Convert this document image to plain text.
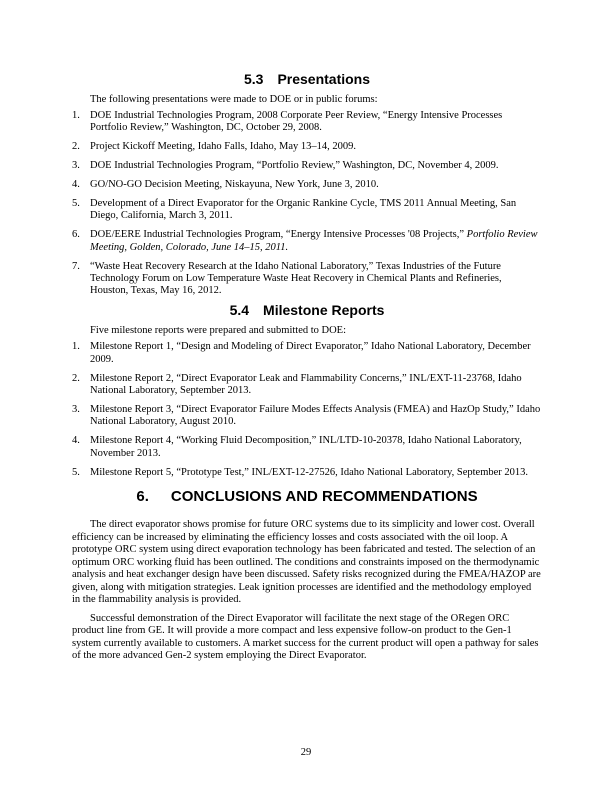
5.3 Presentations

The following presentations were made to DOE or in public forums:

1. DOE Industrial Technologies Program, 2008 Corporate Peer Review, “Energy Intensive Processes Portfolio Review,” Washington, DC, October 29, 2008.
2. Project Kickoff Meeting, Idaho Falls, Idaho, May 13–14, 2009.
3. DOE Industrial Technologies Program, “Portfolio Review,” Washington, DC, November 4, 2009.
4. GO/NO-GO Decision Meeting, Niskayuna, New York, June 3, 2010.
5. Development of a Direct Evaporator for the Organic Rankine Cycle, TMS 2011 Annual Meeting, San Diego, California, March 3, 2011.
6. DOE/EERE Industrial Technologies Program, “Energy Intensive Processes '08 Projects,” Portfolio Review Meeting, Golden, Colorado, June 14–15, 2011.
7. “Waste Heat Recovery Research at the Idaho National Laboratory,” Texas Industries of the Future Technology Forum on Low Temperature Waste Heat Recovery in Chemical Plants and Refineries, Houston, Texas, May 16, 2012.
5.4 Milestone Reports

Five milestone reports were prepared and submitted to DOE:

1. Milestone Report 1, “Design and Modeling of Direct Evaporator,” Idaho National Laboratory, December 2009.
2. Milestone Report 2, “Direct Evaporator Leak and Flammability Concerns,” INL/EXT-11-23768, Idaho National Laboratory, September 2013.
3. Milestone Report 3, “Direct Evaporator Failure Modes Effects Analysis (FMEA) and HazOp Study,” Idaho National Laboratory, August 2010.
4. Milestone Report 4, “Working Fluid Decomposition,” INL/LTD-10-20378, Idaho National Laboratory, November 2013.
5. Milestone Report 5, “Prototype Test,” INL/EXT-12-27526, Idaho National Laboratory, September 2013.
6. CONCLUSIONS AND RECOMMENDATIONS

The direct evaporator shows promise for future ORC systems due to its simplicity and lower cost. Overall efficiency can be increased by eliminating the efficiency losses and costs associated with the oil loop. A prototype ORC system using direct evaporation technology has been fabricated and tested. The selection of an optimum ORC working fluid has been outlined. The conditions and constraints imposed on the thermodynamic analysis and heat exchanger design have been discussed. Safety risks recognized during the FMEA/HAZOP are given, along with mitigation strategies. Leak ignition processes are identified and the methodology employed in the flammability analysis is provided.

Successful demonstration of the Direct Evaporator will facilitate the next stage of the ORegen ORC product line from GE. It will provide a more compact and less expensive follow-on product to the Gen-1 system currently available to customers. A market success for the current product will open a pathway for sales of the more advanced Gen-2 system employing the Direct Evaporator.

29
